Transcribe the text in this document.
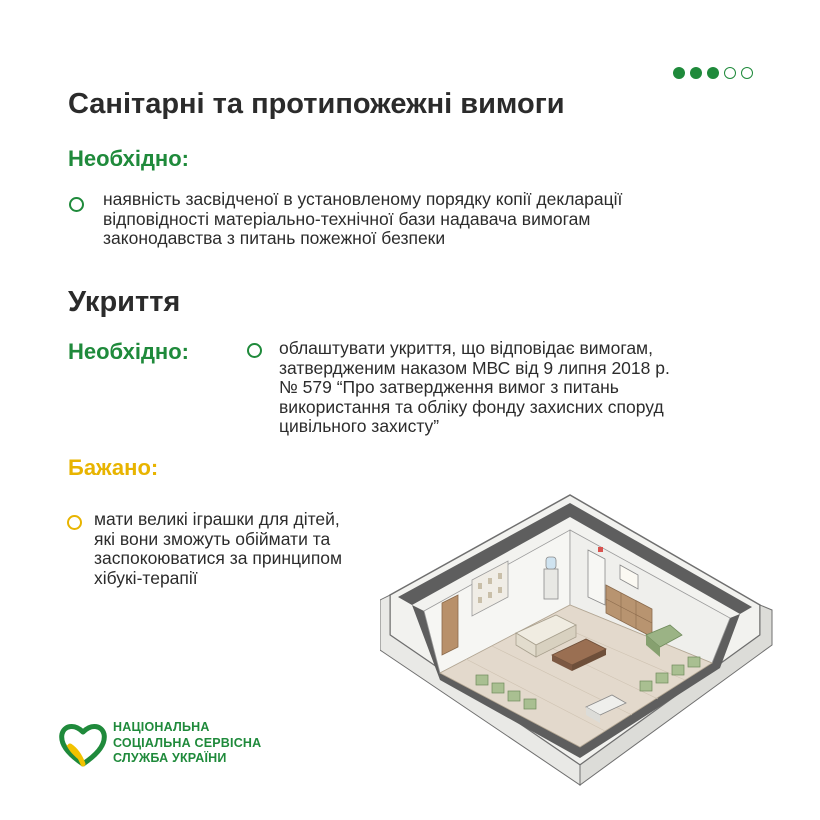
Санітарні та протипожежні вимоги
Необхідно:
наявність засвідченої в установленому порядку копії декларації
відповідності матеріально-технічної бази надавача вимогам
законодавства з питань пожежної безпеки
Укриття
Необхідно:	облаштувати укриття, що відповідає вимогам,
затвердженим наказом МВС від 9 липня 2018 р.
№ 579 “Про затвердження вимог з питань
використання та обліку фонду захисних споруд
цивільного захисту”
Бажано:
мати великі іграшки для дітей,
які вони зможуть обіймати та
заспокоюватися за принципом
хібукі-терапії
НАЦІОНАЛЬНА
СОЦІАЛЬНА СЕРВІСНА
СЛУЖБА УКРАЇНИ
